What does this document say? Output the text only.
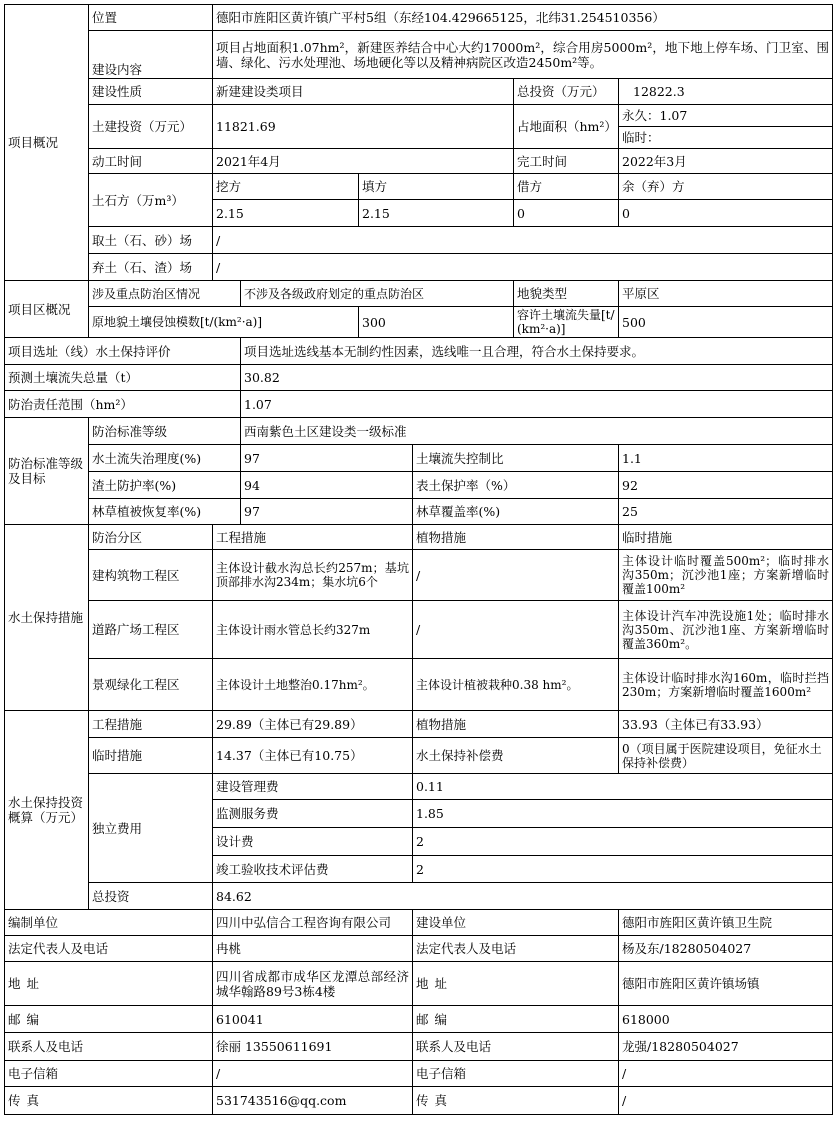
项目概况	位置	德阳市旌阳区黄许镇广平村5组（东经104.429665125，北纬31.254510356）					
	建设内容	项目占地面积1.07hm²，新建医养结合中心大约17000m²，综合用房5000m²，地下地上停车场、门卫室、围墙、绿化、污水处理池、场地硬化等以及精神病院区改造2450m²等。					
	建设性质	新建建设类项目				总投资（万元）	12822.3
	土建投资（万元）	11821.69				占地面积（hm²）	永久：1.07
							临时：
	动工时间	2021年4月				完工时间	2022年3月
	土石方（万m³）	挖方		填方		借方	余（弃）方
		2.15		2.15		0	0
	取土（石、砂）场	/					
	弃土（石、渣）场	/					
项目区概况	涉及重点防治区情况		不涉及各级政府划定的重点防治区			地貌类型	平原区
	原地貌土壤侵蚀模数[t/(km²·a)]			300		容许土壤流失量[t/(km²·a)]	500
项目选址（线）水土保持评价			项目选址选线基本无制约性因素，选线唯一且合理，符合水土保持要求。				
预测土壤流失总量（t）			30.82				
防治责任范围（hm²）			1.07				
防治标准等级及目标	防治标准等级		西南紫色土区建设类一级标准				
	水土流失治理度(%)		97		土壤流失控制比		1.1
	渣土防护率(%)		94		表土保护率（%）		92
	林草植被恢复率(%)		97		林草覆盖率(%)		25
水土保持措施	防治分区	工程措施			植物措施		临时措施
	建构筑物工程区	主体设计截水沟总长约257m；基坑顶部排水沟234m；集水坑6个			/		主体设计临时覆盖500m²；临时排水沟350m；沉沙池1座；方案新增临时覆盖100m²
	道路广场工程区	主体设计雨水管总长约327m			/		主体设计汽车冲洗设施1处；临时排水沟350m、沉沙池1座、方案新增临时覆盖360m²。
	景观绿化工程区	主体设计土地整治0.17hm²。			主体设计植被栽种0.38 hm²。		主体设计临时排水沟160m，临时拦挡230m；方案新增临时覆盖1600m²
水土保持投资概算（万元）	工程措施	29.89（主体已有29.89）			植物措施		33.93（主体已有33.93）
	临时措施	14.37（主体已有10.75）			水土保持补偿费		0（项目属于医院建设项目，免征水土保持补偿费）
	独立费用	建设管理费			0.11		
		监测服务费			1.85		
		设计费			2		
		竣工验收技术评估费			2		
	总投资	84.62					
编制单位		四川中弘信合工程咨询有限公司			建设单位		德阳市旌阳区黄许镇卫生院
法定代表人及电话		冉桃			法定代表人及电话		杨及东/18280504027
地 址		四川省成都市成华区龙潭总部经济城华翰路89号3栋4楼			地 址		德阳市旌阳区黄许镇场镇
邮 编		610041			邮 编		618000
联系人及电话		徐丽 13550611691			联系人及电话		龙强/18280504027
电子信箱		/			电子信箱		/
传 真		531743516@qq.com			传 真		/
